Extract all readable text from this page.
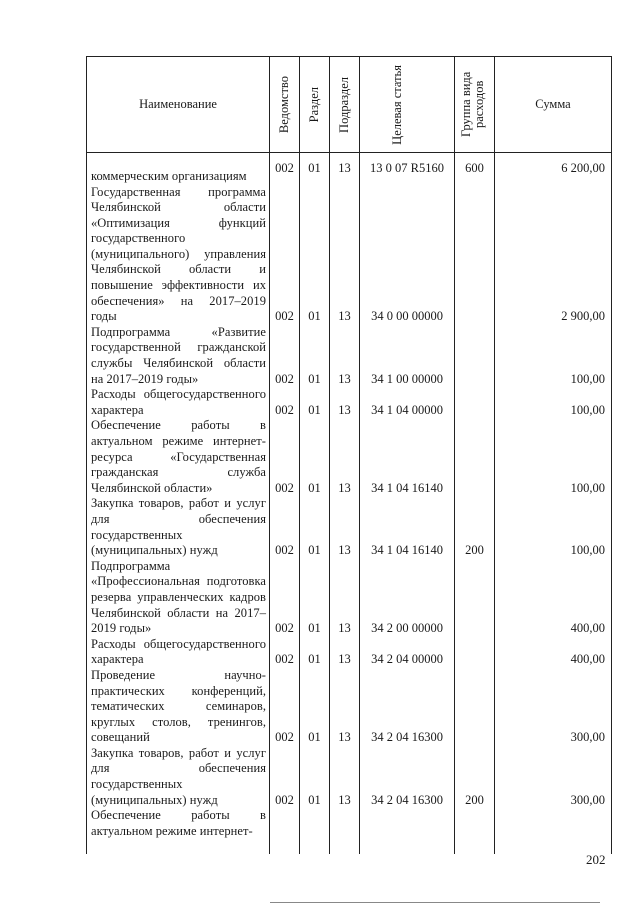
Наименование	Ведомство	Раздел	Подраздел	Целевая статья	Группа вида расходов	Сумма
коммерческим организациям	002	01	13	13 0 07 R5160	600	6 200,00
Государственная программа Челябинской области «Оптимизация функций государственного (муниципального) управления Челябинской области и повышение эффективности их обеспечения» на 2017–2019 годы	002	01	13	34 0 00 00000		2 900,00
Подпрограмма «Развитие государственной гражданской службы Челябинской области на 2017–2019 годы»	002	01	13	34 1 00 00000		100,00
Расходы общегосударственного характера	002	01	13	34 1 04 00000		100,00
Обеспечение работы в актуальном режиме интернет-ресурса «Государственная гражданская служба Челябинской области»	002	01	13	34 1 04 16140		100,00
Закупка товаров, работ и услуг для обеспечения государственных (муниципальных) нужд	002	01	13	34 1 04 16140	200	100,00
Подпрограмма «Профессиональная подготовка резерва управленческих кадров Челябинской области на 2017–2019 годы»	002	01	13	34 2 00 00000		400,00
Расходы общегосударственного характера	002	01	13	34 2 04 00000		400,00
Проведение научно-практических конференций, тематических семинаров, круглых столов, тренингов, совещаний	002	01	13	34 2 04 16300		300,00
Закупка товаров, работ и услуг для обеспечения государственных (муниципальных) нужд	002	01	13	34 2 04 16300	200	300,00
Обеспечение работы в актуальном режиме интернет-						
202
